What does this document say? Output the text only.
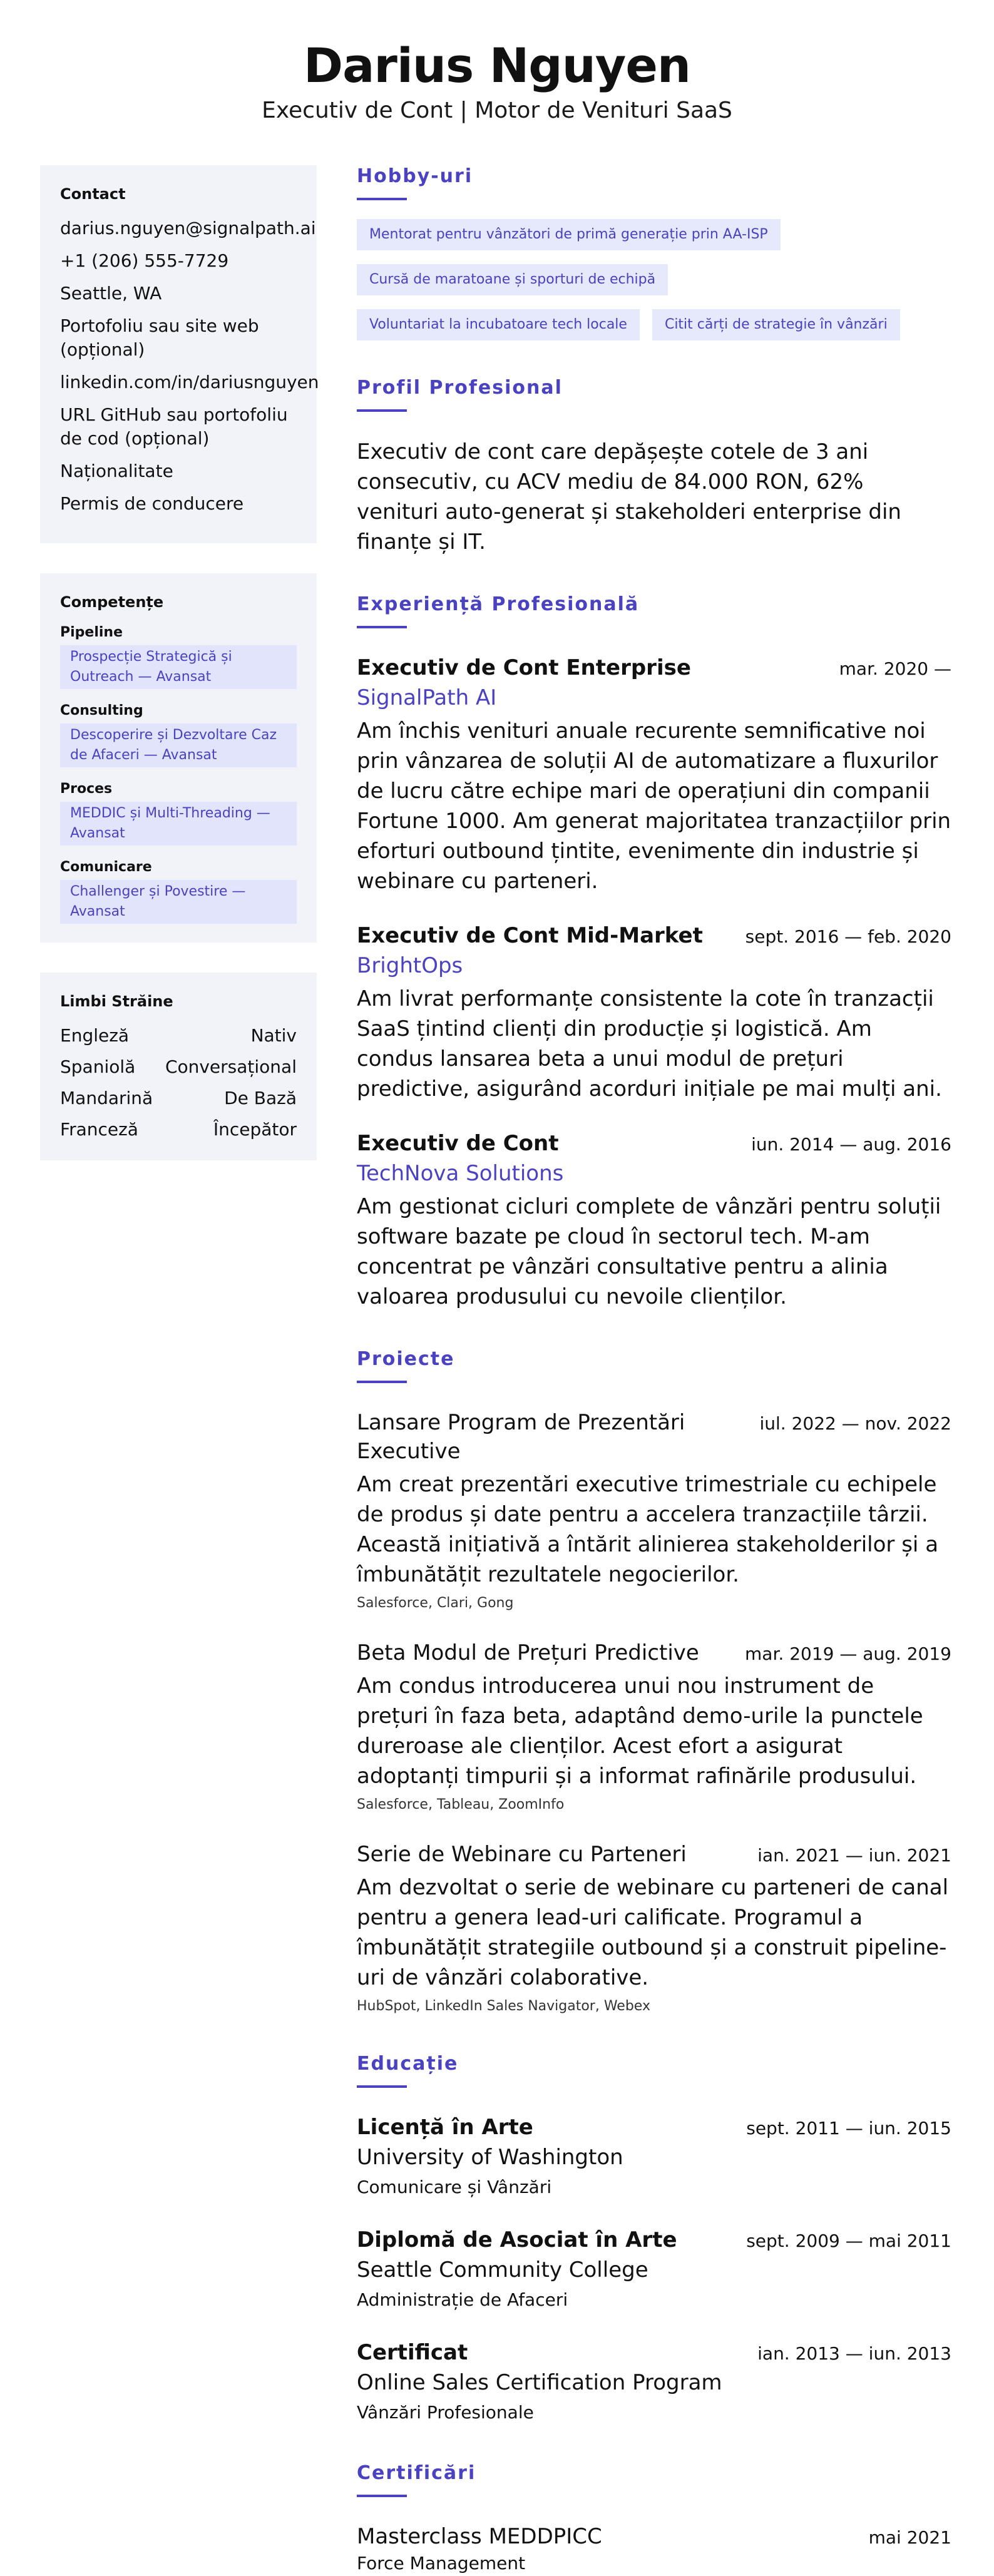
Darius Nguyen
Executiv de Cont | Motor de Venituri SaaS
Contact
darius.nguyen@signalpath.ai
+1 (206) 555-7729
Seattle, WA
Portofoliu sau site web (opțional)
linkedin.com/in/dariusnguyen
URL GitHub sau portofoliu de cod (opțional)
Naționalitate
Permis de conducere
Competențe
Pipeline
Prospecție Strategică și Outreach — Avansat
Consulting
Descoperire și Dezvoltare Caz de Afaceri — Avansat
Proces
MEDDIC și Multi-Threading — Avansat
Comunicare
Challenger și Povestire — Avansat
Limbi Străine
Engleză	Nativ
Spaniolă Conversațional
Mandarină	De Bază
Franceză	Începător
Hobby-uri
Mentorat pentru vânzători de primă generație prin AA-ISP
Cursă de maratoane și sporturi de echipă
Voluntariat la incubatoare tech locale	Citit cărți de strategie în vânzări
Profil Profesional
Executiv de cont care depășește cotele de 3 ani consecutiv, cu ACV mediu de 84.000 RON, 62% venituri auto-generat și stakeholderi enterprise din finanțe și IT.
Experiență Profesională
Executiv de Cont Enterprise	mar. 2020 —
SignalPath AI
Am închis venituri anuale recurente semnificative noi prin vânzarea de soluții AI de automatizare a fluxurilor de lucru către echipe mari de operațiuni din companii Fortune 1000. Am generat majoritatea tranzacțiilor prin eforturi outbound țintite, evenimente din industrie și webinare cu parteneri.
Executiv de Cont Mid-Market sept. 2016 — feb. 2020
BrightOps
Am livrat performanțe consistente la cote în tranzacții SaaS țintind clienți din producție și logistică. Am condus lansarea beta a unui modul de prețuri predictive, asigurând acorduri inițiale pe mai mulți ani.
Executiv de Cont	iun. 2014 — aug. 2016
TechNova Solutions
Am gestionat cicluri complete de vânzări pentru soluții software bazate pe cloud în sectorul tech. M-am concentrat pe vânzări consultative pentru a alinia valoarea produsului cu nevoile clienților.
Proiecte
Lansare Program de Prezentări Executive
iul. 2022 — nov. 2022
Am creat prezentări executive trimestriale cu echipele de produs și date pentru a accelera tranzacțiile târzii. Această inițiativă a întărit alinierea stakeholderilor și a îmbunătățit rezultatele negocierilor.
Salesforce, Clari, Gong
Beta Modul de Prețuri Predictive	mar. 2019 — aug. 2019
Am condus introducerea unui nou instrument de prețuri în faza beta, adaptând demo-urile la punctele dureroase ale clienților. Acest efort a asigurat adoptanți timpurii și a informat rafinările produsului.
Salesforce, Tableau, ZoomInfo
Serie de Webinare cu Parteneri	ian. 2021 — iun. 2021
Am dezvoltat o serie de webinare cu parteneri de canal pentru a genera lead-uri calificate. Programul a îmbunătățit strategiile outbound și a construit pipeline-uri de vânzări colaborative.
HubSpot, LinkedIn Sales Navigator, Webex
Educație
Licență în Arte	sept. 2011 — iun. 2015
University of Washington
Comunicare și Vânzări
Diplomă de Asociat în Arte	sept. 2009 — mai 2011
Seattle Community College
Administrație de Afaceri
Certificat	ian. 2013 — iun. 2013
Online Sales Certification Program
Vânzări Profesionale
Certificări
Masterclass MEDDPICC	mai 2021
Force Management
